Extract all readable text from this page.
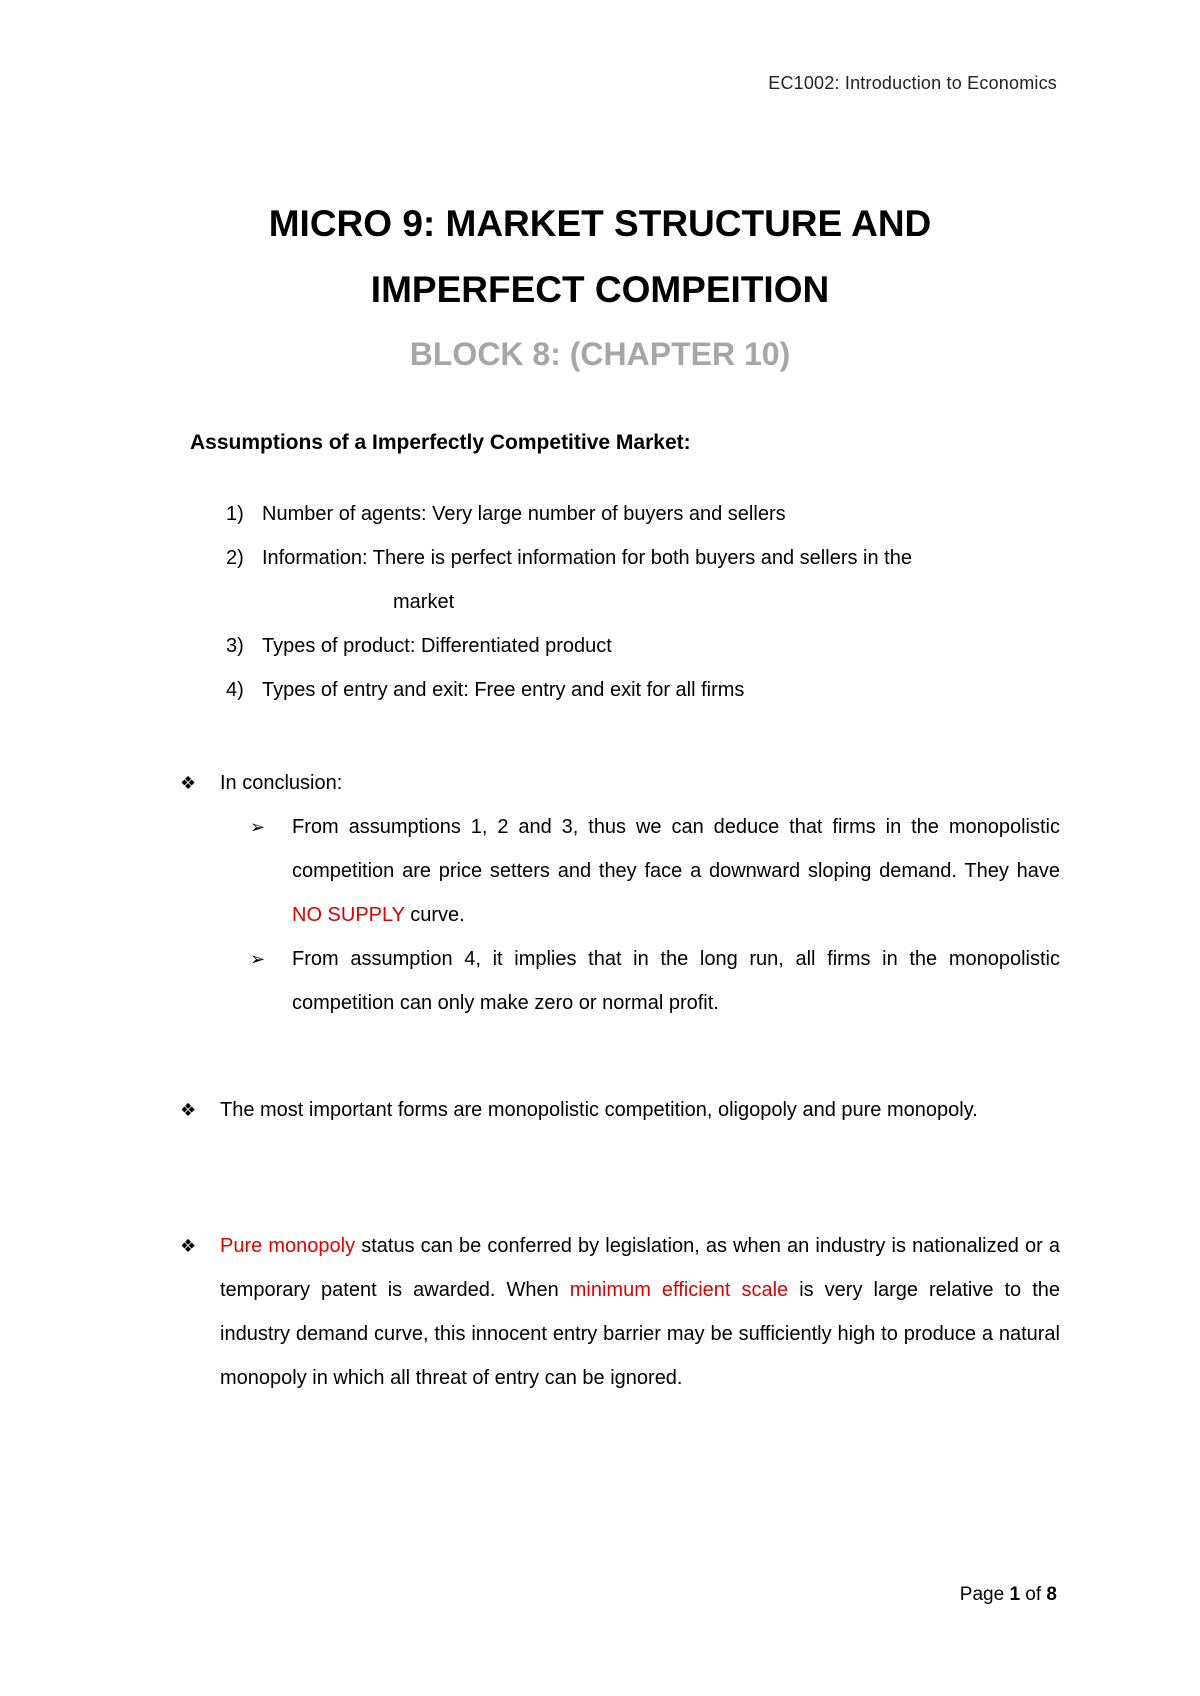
EC1002: Introduction to Economics
MICRO 9: MARKET STRUCTURE AND
IMPERFECT COMPEITION
BLOCK 8: (CHAPTER 10)
Assumptions of a Imperfectly Competitive Market:
1) Number of agents: Very large number of buyers and sellers
2) Information: There is perfect information for both buyers and sellers in the
market
3) Types of product: Differentiated product
4) Types of entry and exit: Free entry and exit for all firms
❖ In conclusion:
➢ From assumptions 1, 2 and 3, thus we can deduce that firms in the monopolistic competition are price setters and they face a downward sloping demand. They have NO SUPPLY curve.
➢ From assumption 4, it implies that in the long run, all firms in the monopolistic competition can only make zero or normal profit.
❖ The most important forms are monopolistic competition, oligopoly and pure monopoly.
❖ Pure monopoly status can be conferred by legislation, as when an industry is nationalized or a temporary patent is awarded. When minimum efficient scale is very large relative to the industry demand curve, this innocent entry barrier may be sufficiently high to produce a natural monopoly in which all threat of entry can be ignored.
Page 1 of 8
